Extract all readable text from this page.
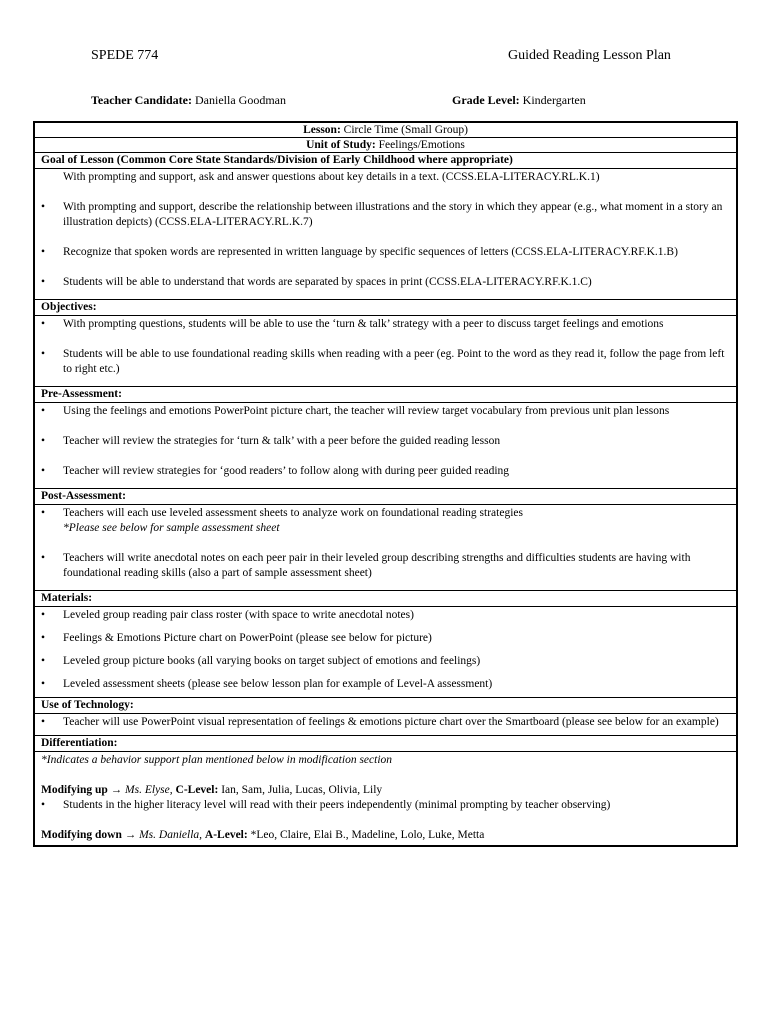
SPEDE 774	Guided Reading Lesson Plan
Teacher Candidate: Daniella Goodman	Grade Level: Kindergarten
Lesson: Circle Time (Small Group)
Unit of Study: Feelings/Emotions
Goal of Lesson (Common Core State Standards/Division of Early Childhood where appropriate)
With prompting and support, ask and answer questions about key details in a text. (CCSS.ELA-LITERACY.RL.K.1)
•	With prompting and support, describe the relationship between illustrations and the story in which they appear (e.g., what moment in a story an illustration depicts) (CCSS.ELA-LITERACY.RL.K.7)
•	Recognize that spoken words are represented in written language by specific sequences of letters (CCSS.ELA-LITERACY.RF.K.1.B)
•	Students will be able to understand that words are separated by spaces in print (CCSS.ELA-LITERACY.RF.K.1.C)
Objectives:
•	With prompting questions, students will be able to use the ‘turn & talk’ strategy with a peer to discuss target feelings and emotions
•	Students will be able to use foundational reading skills when reading with a peer (eg. Point to the word as they read it, follow the page from left to right etc.)
Pre-Assessment:
•	Using the feelings and emotions PowerPoint picture chart, the teacher will review target vocabulary from previous unit plan lessons
•	Teacher will review the strategies for ‘turn & talk’ with a peer before the guided reading lesson
•	Teacher will review strategies for ‘good readers’ to follow along with during peer guided reading
Post-Assessment:
•	Teachers will each use leveled assessment sheets to analyze work on foundational reading strategies
*Please see below for sample assessment sheet
•	Teachers will write anecdotal notes on each peer pair in their leveled group describing strengths and difficulties students are having with foundational reading skills (also a part of sample assessment sheet)
Materials:
•	Leveled group reading pair class roster (with space to write anecdotal notes)
•	Feelings & Emotions Picture chart on PowerPoint (please see below for picture)
•	Leveled group picture books (all varying books on target subject of emotions and feelings)
•	Leveled assessment sheets (please see below lesson plan for example of Level-A assessment)
Use of Technology:
•	Teacher will use PowerPoint visual representation of feelings & emotions picture chart over the Smartboard (please see below for an example)
Differentiation:
*Indicates a behavior support plan mentioned below in modification section
Modifying up → Ms. Elyse, C-Level: Ian, Sam, Julia, Lucas, Olivia, Lily
•	Students in the higher literacy level will read with their peers independently (minimal prompting by teacher observing)
Modifying down → Ms. Daniella, A-Level: *Leo, Claire, Elai B., Madeline, Lolo, Luke, Metta
